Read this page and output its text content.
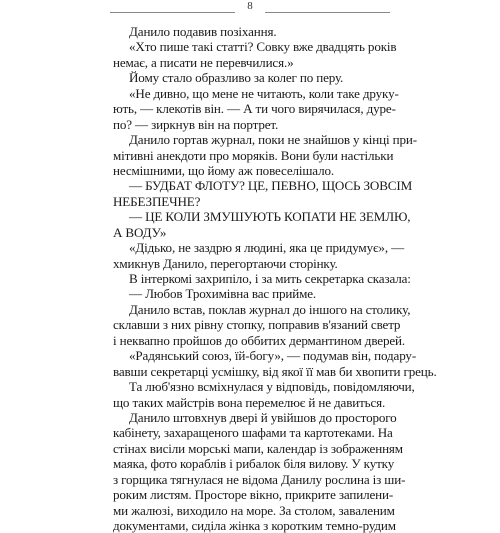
8
Данило подавив позіхання.
«Хто пише такі статті? Совку вже двадцять років
немає, а писати не перевчилися.»
Йому стало образливо за колег по перу.
«Не дивно, що мене не читають, коли таке друку-
ють, — клекотів він. — А ти чого вирячилася, дуре-
по? — зиркнув він на портрет.
Данило гортав журнал, поки не знайшов у кінці при-
мітивні анекдоти про моряків. Вони були настільки
несмішними, що йому аж повеселішало.
— БУДБАТ ФЛОТУ? ЦЕ, ПЕВНО, ЩОСЬ ЗОВСІМ
НЕБЕЗПЕЧНЕ?
— ЦЕ КОЛИ ЗМУШУЮТЬ КОПАТИ НЕ ЗЕМЛЮ,
А ВОДУ»
«Дідько, не заздрю я людині, яка це придумує», —
хмикнув Данило, перегортаючи сторінку.
В інтеркомі захрипіло, і за мить секретарка сказала:
— Любов Трохимівна вас прийме.
Данило встав, поклав журнал до іншого на столику,
склавши з них рівну стопку, поправив в'язаний светр
і неквапно пройшов до оббитих дермантином дверей.
«Радянський союз, їй-богу», — подумав він, подару-
вавши секретарці усмішку, від якої її мав би хвопити грець.
Та люб'язно всміхнулася у відповідь, повідомляючи,
що таких майстрів вона перемелює й не давиться.
Данило штовхнув двері й увійшов до просторого
кабінету, захаращеного шафами та картотеками. На
стінах висіли морські мапи, календар із зображенням
маяка, фото кораблів і рибалок біля вилову. У кутку
з горщика тягнулася не відома Данилу рослина із ши-
роким листям. Просторе вікно, прикрите запилени-
ми жалюзі, виходило на море. За столом, завaленим
документами, сиділа жінка з коротким темно-рудим
